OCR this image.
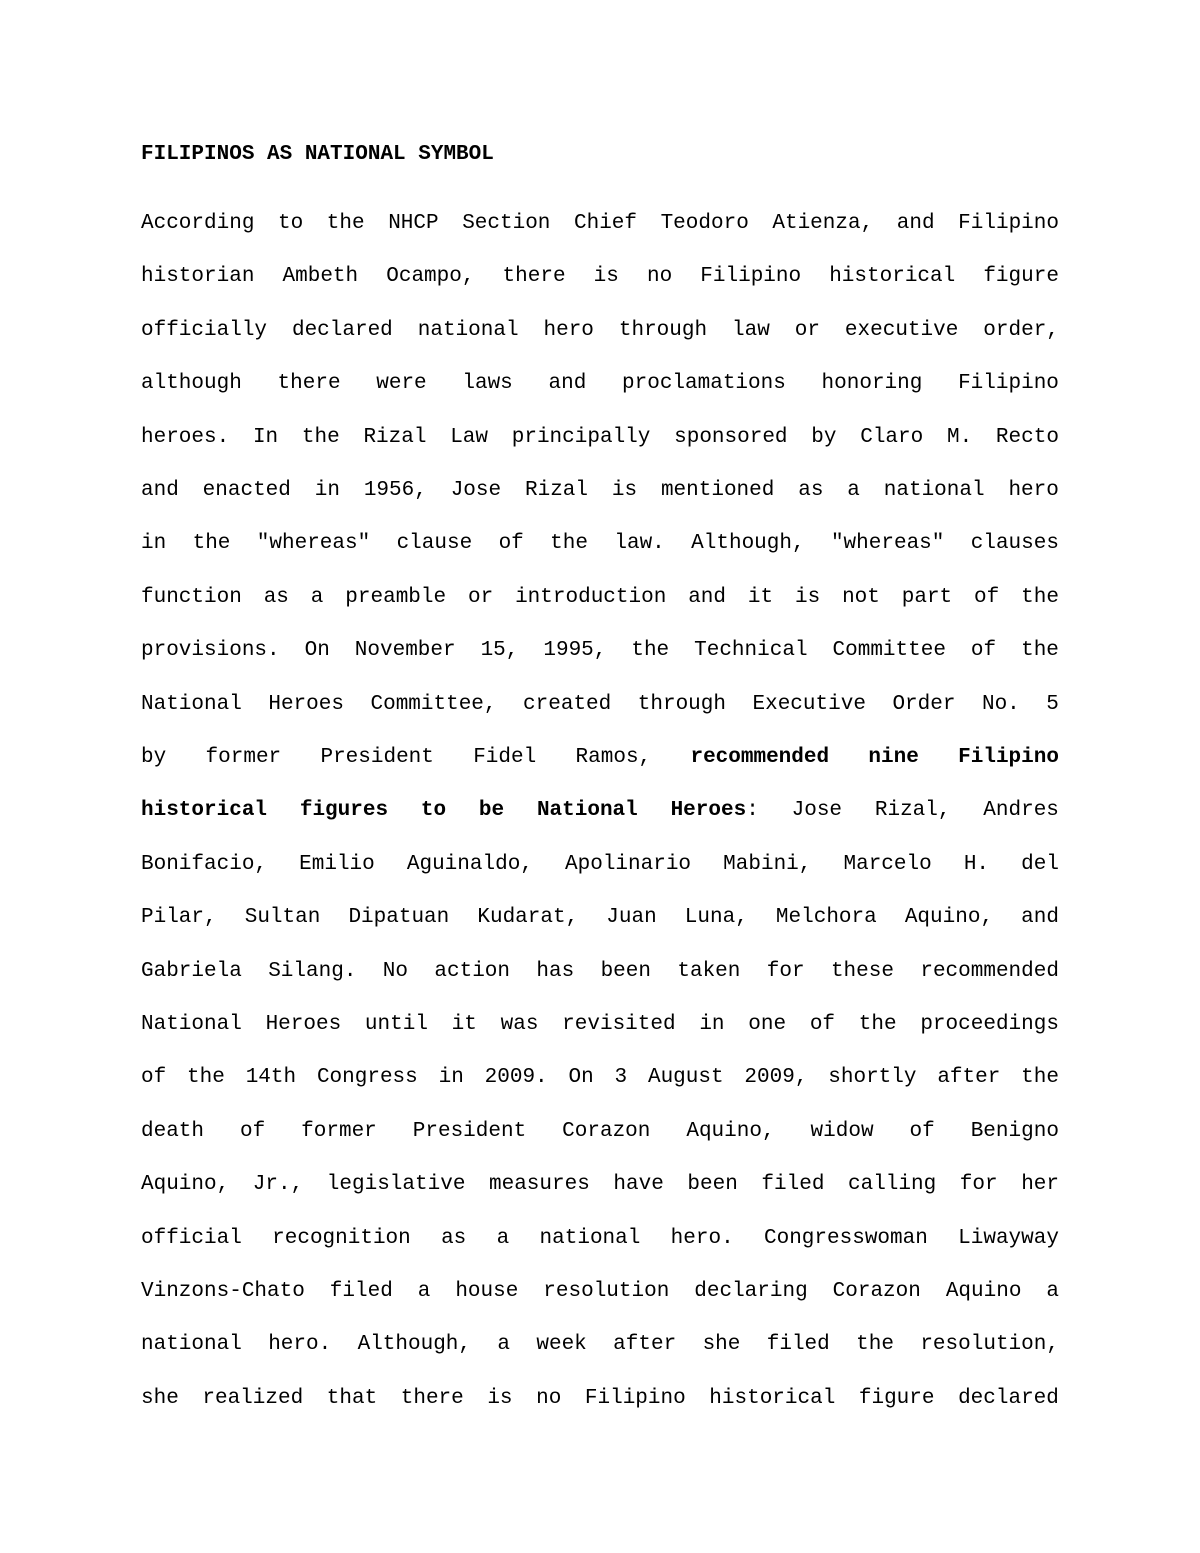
FILIPINOS AS NATIONAL SYMBOL
According to the NHCP Section Chief Teodoro Atienza, and Filipino
historian Ambeth Ocampo, there is no Filipino historical figure
officially declared national hero through law or executive order,
although there were laws and proclamations honoring Filipino
heroes. In the Rizal Law principally sponsored by Claro M. Recto
and enacted in 1956, Jose Rizal is mentioned as a national hero
in the "whereas" clause of the law. Although, "whereas" clauses
function as a preamble or introduction and it is not part of the
provisions. On November 15, 1995, the Technical Committee of the
National Heroes Committee, created through Executive Order No. 5
by former President Fidel Ramos, recommended nine Filipino
historical figures to be National Heroes: Jose Rizal, Andres
Bonifacio, Emilio Aguinaldo, Apolinario Mabini, Marcelo H. del
Pilar, Sultan Dipatuan Kudarat, Juan Luna, Melchora Aquino, and
Gabriela Silang. No action has been taken for these recommended
National Heroes until it was revisited in one of the proceedings
of the 14th Congress in 2009. On 3 August 2009, shortly after the
death of former President Corazon Aquino, widow of Benigno
Aquino, Jr., legislative measures have been filed calling for her
official recognition as a national hero. Congresswoman Liwayway
Vinzons-Chato filed a house resolution declaring Corazon Aquino a
national hero. Although, a week after she filed the resolution,
she realized that there is no Filipino historical figure declared
